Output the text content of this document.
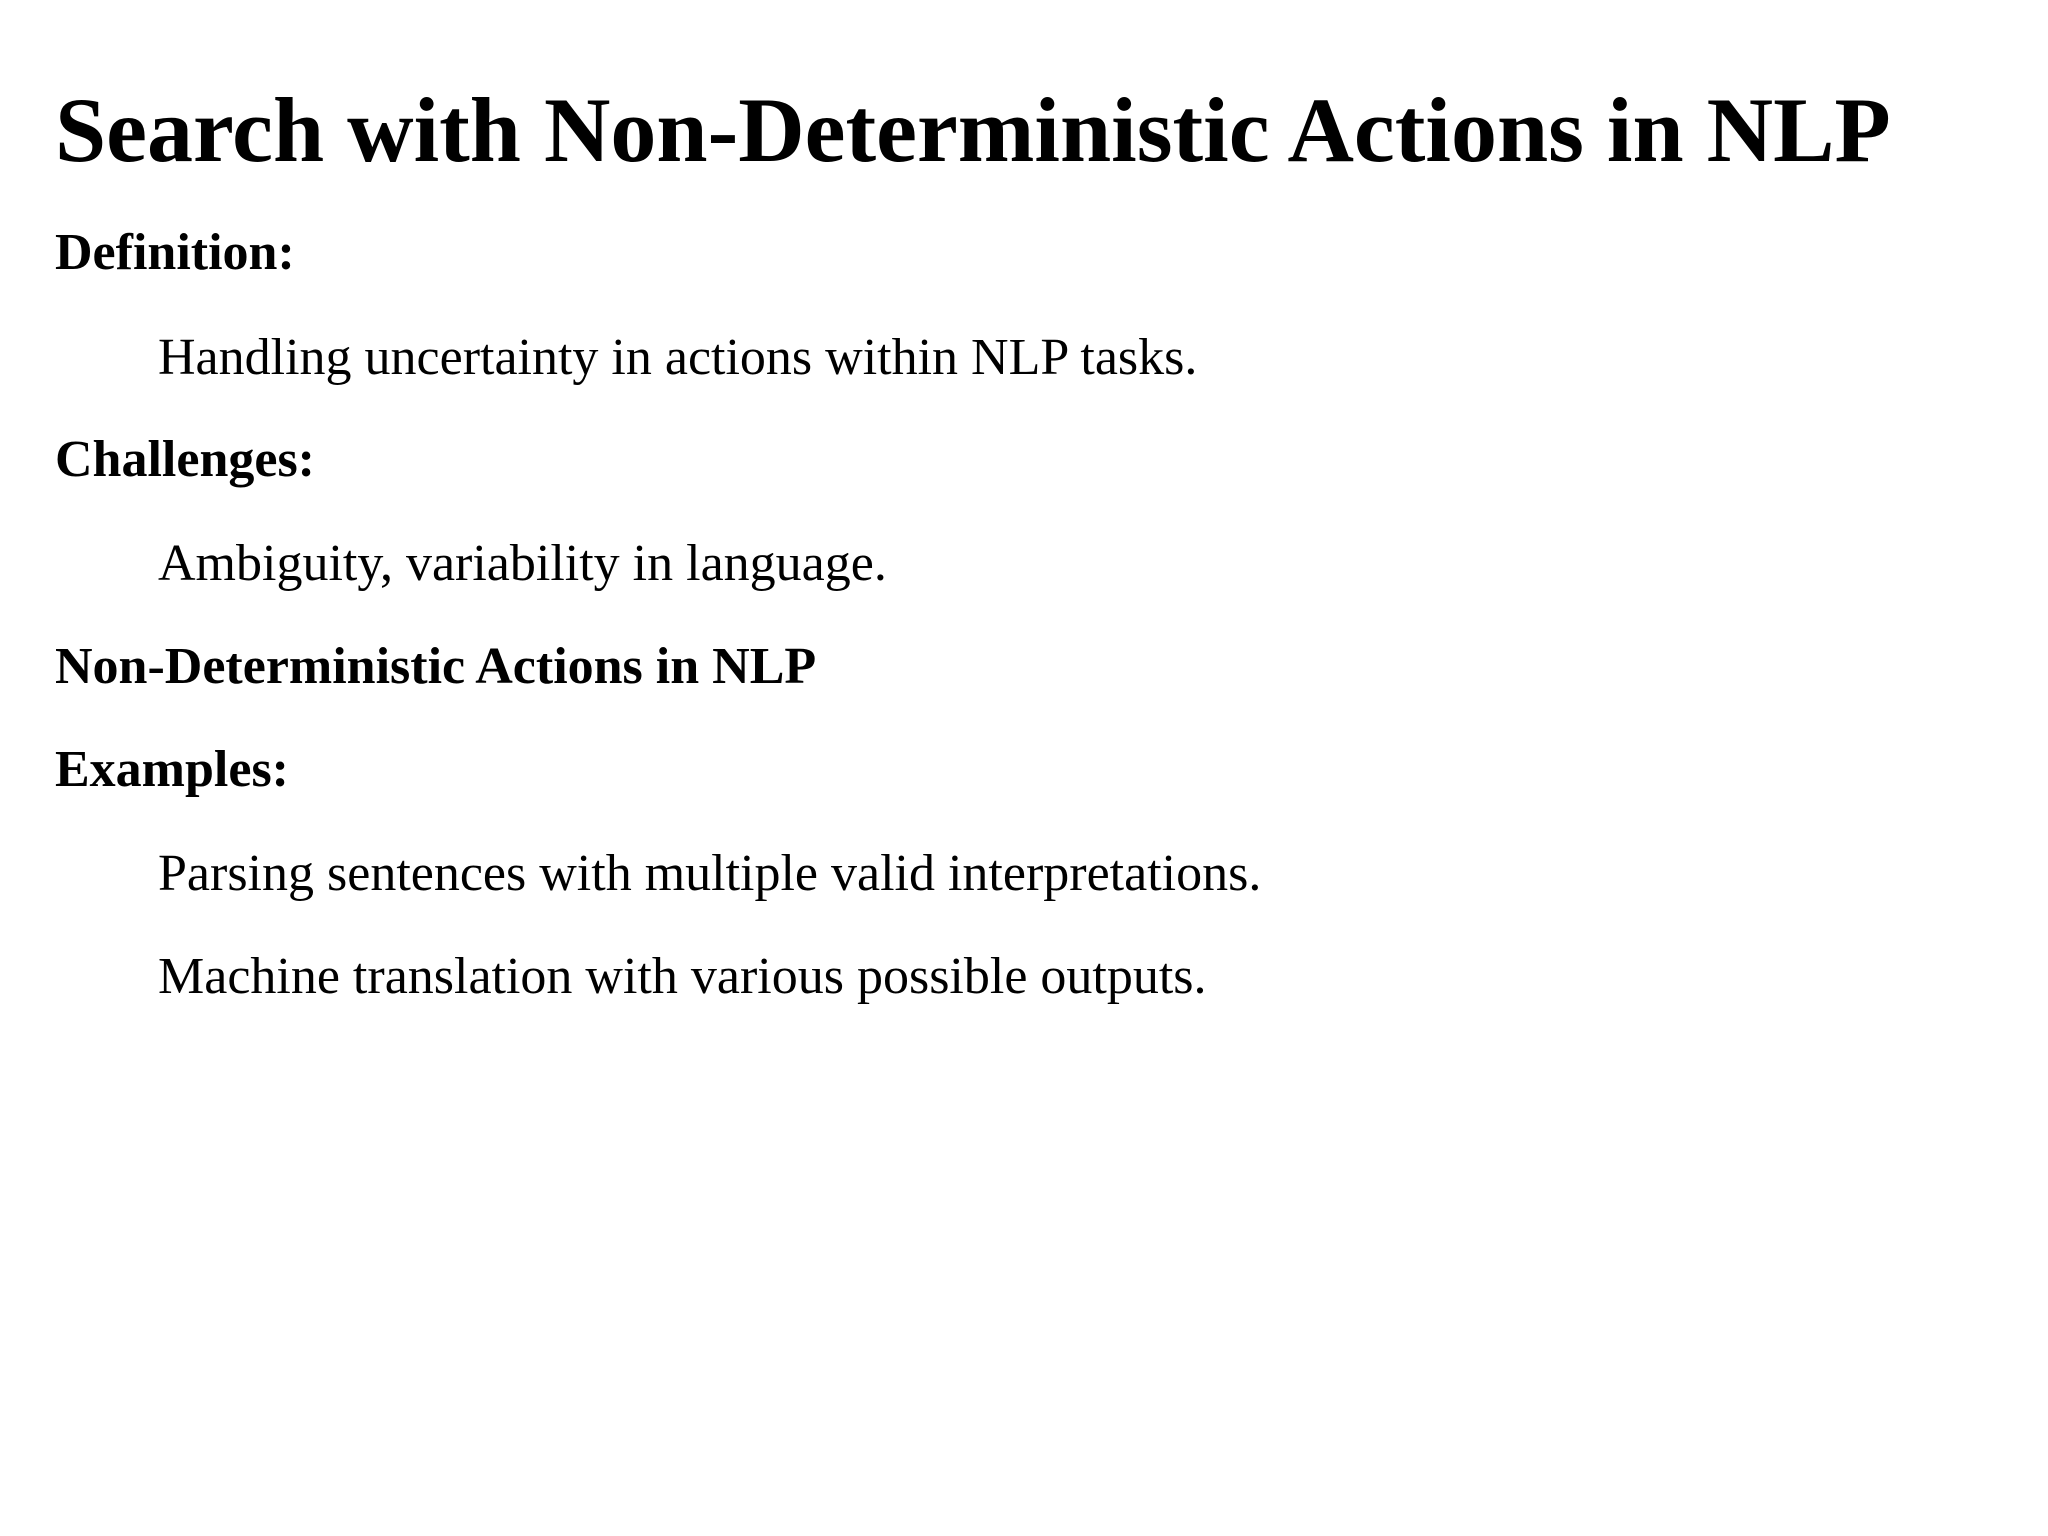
Search with Non-Deterministic Actions in NLP
Definition:
Handling uncertainty in actions within NLP tasks.
Challenges:
Ambiguity, variability in language.
Non-Deterministic Actions in NLP
Examples:
Parsing sentences with multiple valid interpretations.
Machine translation with various possible outputs.
